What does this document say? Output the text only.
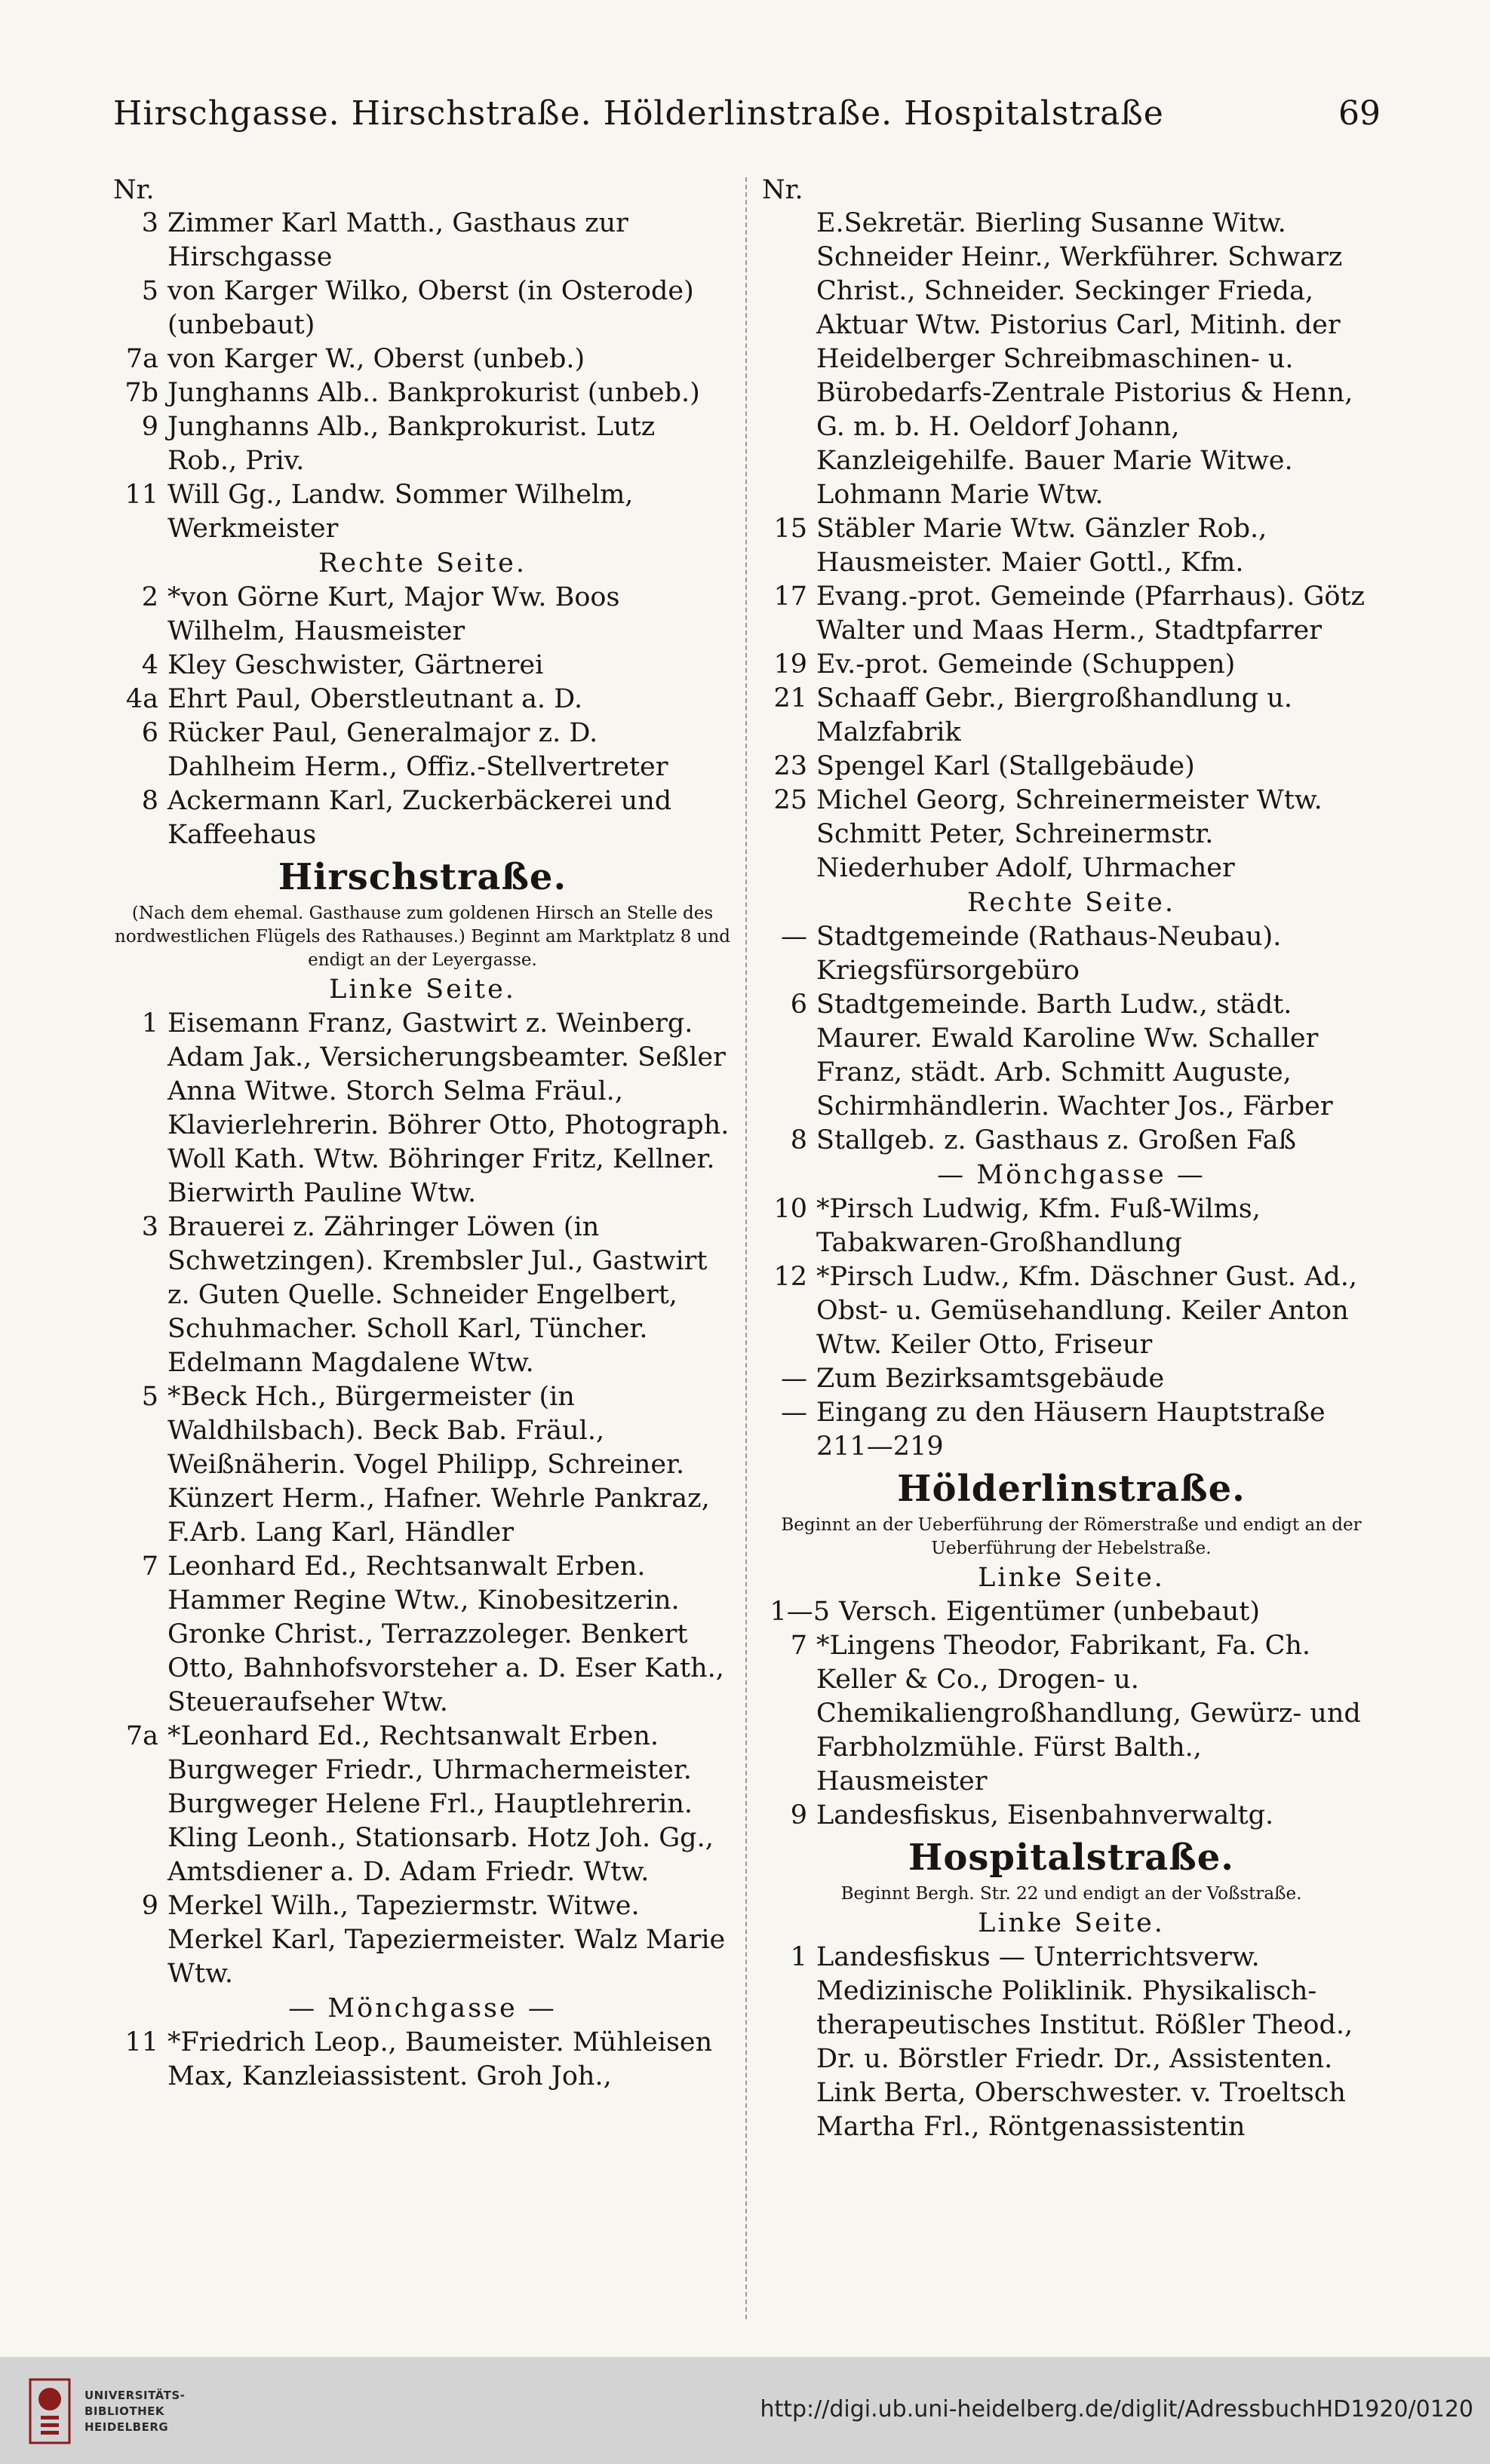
Hirschgasse. Hirschstraße. Hölderlinstraße. Hospitalstraße	69
Nr.
3 Zimmer Karl Matth., Gasthaus zur Hirschgasse
5 von Karger Wilko, Oberst (in Osterode) (unbebaut)
7a von Karger W., Oberst (unbeb.)
7b Junghanns Alb.. Bankprokurist (unbeb.)
9 Junghanns Alb., Bankprokurist. Lutz Rob., Priv.
11 Will Gg., Landw. Sommer Wilhelm, Werkmeister
Rechte Seite.
2 *von Görne Kurt, Major Ww. Boos Wilhelm, Hausmeister
4 Kley Geschwister, Gärtnerei
4a Ehrt Paul, Oberstleutnant a. D.
6 Rücker Paul, Generalmajor z. D. Dahlheim Herm., Offiz.-Stellvertreter
8 Ackermann Karl, Zuckerbäckerei und Kaffeehaus
Hirschstraße.
(Nach dem ehemal. Gasthause zum goldenen Hirsch an Stelle des nordwestlichen Flügels des Rathauses.) Beginnt am Marktplatz 8 und endigt an der Leyergasse.
Linke Seite.
1 Eisemann Franz, Gastwirt z. Weinberg. Adam Jak., Versicherungsbeamter. Seßler Anna Witwe. Storch Selma Fräul., Klavierlehrerin. Böhrer Otto, Photograph. Woll Kath. Wtw. Böhringer Fritz, Kellner. Bierwirth Pauline Wtw.
3 Brauerei z. Zähringer Löwen (in Schwetzingen). Krembsler Jul., Gastwirt z. Guten Quelle. Schneider Engelbert, Schuhmacher. Scholl Karl, Tüncher. Edelmann Magdalene Wtw.
5 *Beck Hch., Bürgermeister (in Waldhilsbach). Beck Bab. Fräul., Weißnäherin. Vogel Philipp, Schreiner. Künzert Herm., Hafner. Wehrle Pankraz, F.Arb. Lang Karl, Händler
7 Leonhard Ed., Rechtsanwalt Erben. Hammer Regine Wtw., Kinobesitzerin. Gronke Christ., Terrazzoleger. Benkert Otto, Bahnhofsvorsteher a. D. Eser Kath., Steueraufseher Wtw.
7a *Leonhard Ed., Rechtsanwalt Erben. Burgweger Friedr., Uhrmachermeister. Burgweger Helene Frl., Hauptlehrerin. Kling Leonh., Stationsarb. Hotz Joh. Gg., Amtsdiener a. D. Adam Friedr. Wtw.
9 Merkel Wilh., Tapeziermstr. Witwe. Merkel Karl, Tapeziermeister. Walz Marie Wtw.
— Mönchgasse —
11 *Friedrich Leop., Baumeister. Mühleisen Max, Kanzleiassistent. Groh Joh.,
Nr.
E.Sekretär. Bierling Susanne Witw. Schneider Heinr., Werkführer. Schwarz Christ., Schneider. Seckinger Frieda, Aktuar Wtw. Pistorius Carl, Mitinh. der Heidelberger Schreibmaschinen- u. Bürobedarfs-Zentrale Pistorius & Henn, G. m. b. H. Oeldorf Johann, Kanzleigehilfe. Bauer Marie Witwe. Lohmann Marie Wtw.
15 Stäbler Marie Wtw. Gänzler Rob., Hausmeister. Maier Gottl., Kfm.
17 Evang.-prot. Gemeinde (Pfarrhaus). Götz Walter und Maas Herm., Stadtpfarrer
19 Ev.-prot. Gemeinde (Schuppen)
21 Schaaff Gebr., Biergroßhandlung u. Malzfabrik
23 Spengel Karl (Stallgebäude)
25 Michel Georg, Schreinermeister Wtw. Schmitt Peter, Schreinermstr. Niederhuber Adolf, Uhrmacher
Rechte Seite.
— Stadtgemeinde (Rathaus-Neubau). Kriegsfürsorgebüro
6 Stadtgemeinde. Barth Ludw., städt. Maurer. Ewald Karoline Ww. Schaller Franz, städt. Arb. Schmitt Auguste, Schirmhändlerin. Wachter Jos., Färber
8 Stallgeb. z. Gasthaus z. Großen Faß
— Mönchgasse —
10 *Pirsch Ludwig, Kfm. Fuß-Wilms, Tabakwaren-Großhandlung
12 *Pirsch Ludw., Kfm. Däschner Gust. Ad., Obst- u. Gemüsehandlung. Keiler Anton Wtw. Keiler Otto, Friseur
— Zum Bezirksamtsgebäude
— Eingang zu den Häusern Hauptstraße 211—219
Hölderlinstraße.
Beginnt an der Ueberführung der Römerstraße und endigt an der Ueberführung der Hebelstraße.
Linke Seite.
1—5 Versch. Eigentümer (unbebaut)
7 *Lingens Theodor, Fabrikant, Fa. Ch. Keller & Co., Drogen- u. Chemikaliengroßhandlung, Gewürz- und Farbholzmühle. Fürst Balth., Hausmeister
9 Landesfiskus, Eisenbahnverwaltg.
Hospitalstraße.
Beginnt Bergh. Str. 22 und endigt an der Voßstraße.
Linke Seite.
1 Landesfiskus — Unterrichtsverw. Medizinische Poliklinik. Physikalisch-therapeutisches Institut. Rößler Theod., Dr. u. Börstler Friedr. Dr., Assistenten. Link Berta, Oberschwester. v. Troeltsch Martha Frl., Röntgenassistentin
UNIVERSITÄTS-
BIBLIOTHEK
HEIDELBERG
http://digi.ub.uni-heidelberg.de/diglit/AdressbuchHD1920/0120
